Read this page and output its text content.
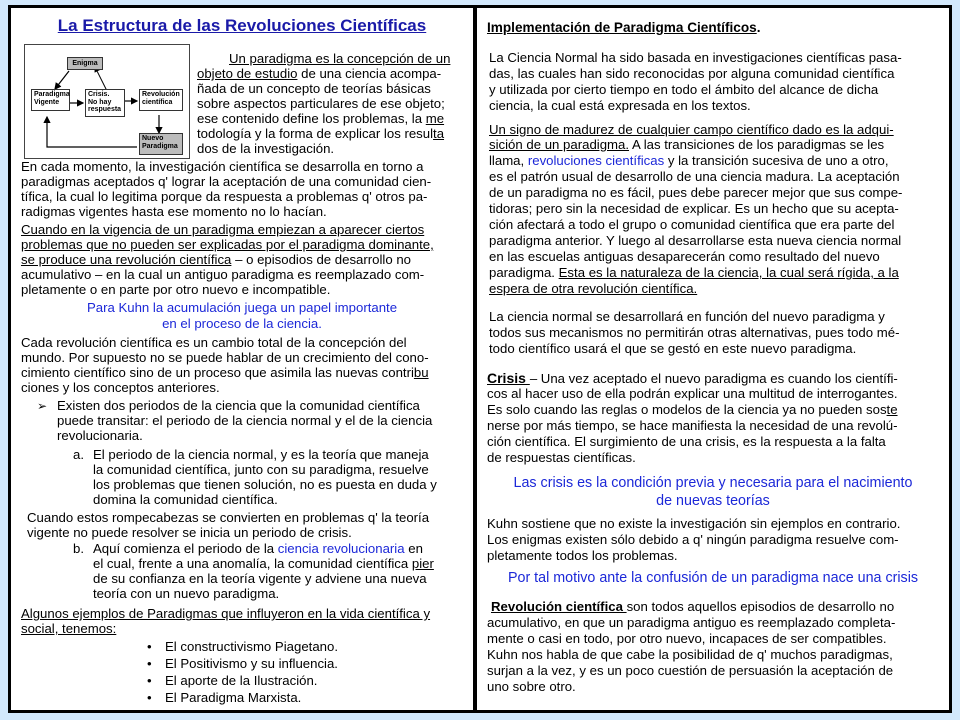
La Estructura de las Revoluciones Científicas
Enigma
Paradigma
Vigente
Crisis.
No hay
respuesta
Revolución
científica
Nuevo
Paradigma
Un paradigma es la concepción de un
objeto de estudio de una ciencia acompa-
ñada de un concepto de teorías básicas
sobre aspectos particulares de ese objeto;
ese contenido define los problemas, la me
todología y la forma de explicar los resulta
dos de la investigación.
En cada momento, la investigación científica se desarrolla en torno a
paradigmas aceptados q' lograr la aceptación de una comunidad cien-
tífica, la cual lo legitima porque da respuesta a problemas q' otros pa-
radigmas vigentes hasta ese momento no lo hacían.
Cuando en la vigencia de un paradigma empiezan a aparecer ciertos
problemas que no pueden ser explicadas por el paradigma dominante,
se produce una revolución científica – o episodios de desarrollo no
acumulativo – en la cual un antiguo paradigma es reemplazado com-
pletamente o en parte por otro nuevo e incompatible.
Para Kuhn la acumulación juega un papel importante
en el proceso de la ciencia.
Cada revolución científica es un cambio total de la concepción del
mundo. Por supuesto no se puede hablar de un crecimiento del cono-
cimiento científico sino de un proceso que asimila las nuevas contribu
ciones y los conceptos anteriores.
➢ Existen dos periodos de la ciencia que la comunidad científica
puede transitar: el periodo de la ciencia normal y el de la ciencia
revolucionaria.
a. El periodo de la ciencia normal, y es la teoría que maneja
la comunidad científica, junto con su paradigma, resuelve
los problemas que tienen solución, no es puesta en duda y
domina la comunidad científica.
Cuando estos rompecabezas se convierten en problemas q' la teoría
vigente no puede resolver se inicia un periodo de crisis.
b. Aquí comienza el periodo de la ciencia revolucionaria en
el cual, frente a una anomalía, la comunidad científica pier
de su confianza en la teoría vigente y adviene una nueva
teoría con un nuevo paradigma.
Algunos ejemplos de Paradigmas que influyeron en la vida científica y
social, tenemos:
• El constructivismo Piagetano.
• El Positivismo y su influencia.
• El aporte de la Ilustración.
• El Paradigma Marxista.
Implementación de Paradigma Científicos.
La Ciencia Normal ha sido basada en investigaciones científicas pasa-
das, las cuales han sido reconocidas por alguna comunidad científica
y utilizada por cierto tiempo en todo el ámbito del alcance de dicha
ciencia, la cual está expresada en los textos.
Un signo de madurez de cualquier campo científico dado es la adqui-
sición de un paradigma. A las transiciones de los paradigmas se les
llama, revoluciones científicas y la transición sucesiva de uno a otro,
es el patrón usual de desarrollo de una ciencia madura. La aceptación
de un paradigma no es fácil, pues debe parecer mejor que sus compe-
tidoras; pero sin la necesidad de explicar. Es un hecho que su acepta-
ción afectará a todo el grupo o comunidad científica que era parte del
paradigma anterior. Y luego al desarrollarse esta nueva ciencia normal
en las escuelas antiguas desaparecerán como resultado del nuevo
paradigma. Esta es la naturaleza de la ciencia, la cual será rígida, a la
espera de otra revolución científica.
La ciencia normal se desarrollará en función del nuevo paradigma y
todos sus mecanismos no permitirán otras alternativas, pues todo mé-
todo científico usará el que se gestó en este nuevo paradigma.
Crisis – Una vez aceptado el nuevo paradigma es cuando los científi-
cos al hacer uso de ella podrán explicar una multitud de interrogantes.
Es solo cuando las reglas o modelos de la ciencia ya no pueden soste
nerse por más tiempo, se hace manifiesta la necesidad de una revolú-
ción científica. El surgimiento de una crisis, es la respuesta a la falta
de respuestas científicas.
Las crisis es la condición previa y necesaria para el nacimiento
de nuevas teorías
Kuhn sostiene que no existe la investigación sin ejemplos en contrario.
Los enigmas existen sólo debido a q' ningún paradigma resuelve com-
pletamente todos los problemas.
Por tal motivo ante la confusión de un paradigma nace una crisis
Revolución científica son todos aquellos episodios de desarrollo no
acumulativo, en que un paradigma antiguo es reemplazado completa-
mente o casi en todo, por otro nuevo, incapaces de ser compatibles.
Kuhn nos habla de que cabe la posibilidad de q' muchos paradigmas,
surjan a la vez, y es un poco cuestión de persuasión la aceptación de
uno sobre otro.
